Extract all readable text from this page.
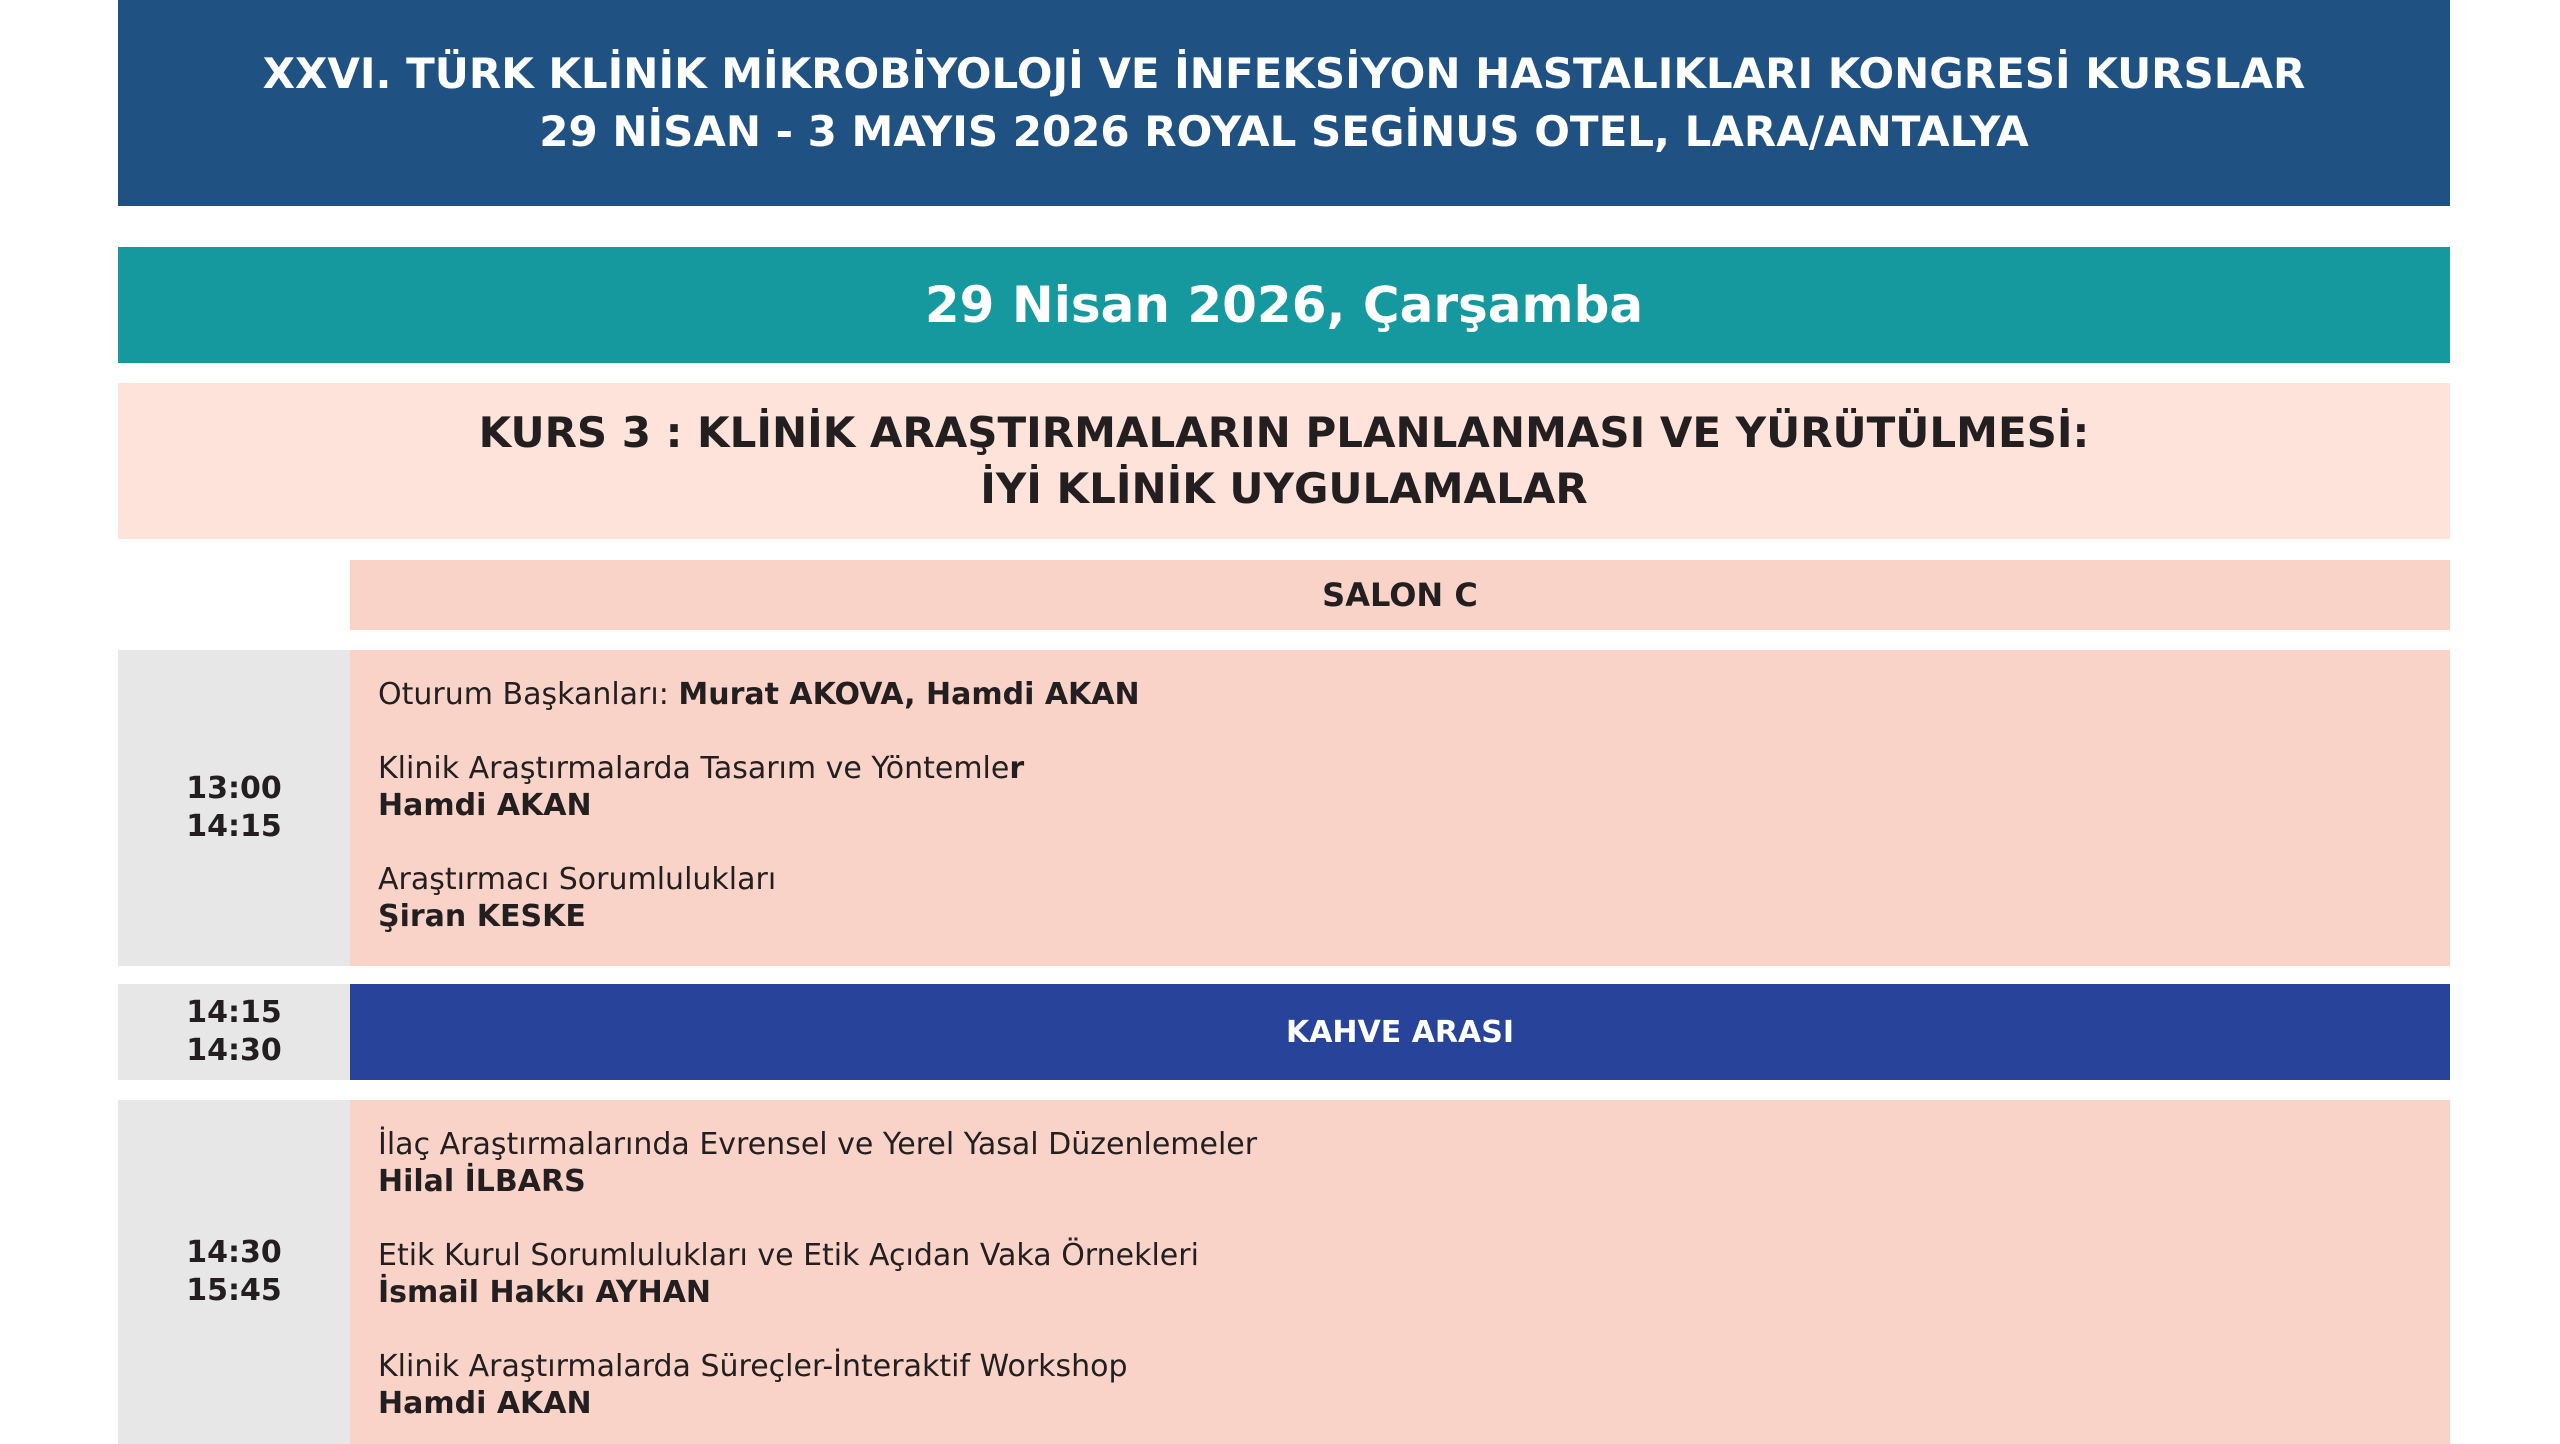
XXVI. TÜRK KLİNİK MİKROBİYOLOJİ VE İNFEKSİYON HASTALIKLARI KONGRESİ KURSLAR
29 NİSAN - 3 MAYIS 2026 ROYAL SEGİNUS OTEL, LARA/ANTALYA
29 Nisan 2026, Çarşamba
KURS 3 : KLİNİK ARAŞTIRMALARIN PLANLANMASI VE YÜRÜTÜLMESİ:
İYİ KLİNİK UYGULAMALAR
SALON C
13:00
14:15
Oturum Başkanları: Murat AKOVA, Hamdi AKAN
Klinik Araştırmalarda Tasarım ve Yöntemler
Hamdi AKAN
Araştırmacı Sorumlulukları
Şiran KESKE
14:15
14:30
KAHVE ARASI
14:30
15:45
İlaç Araştırmalarında Evrensel ve Yerel Yasal Düzenlemeler
Hilal İLBARS
Etik Kurul Sorumlulukları ve Etik Açıdan Vaka Örnekleri
İsmail Hakkı AYHAN
Klinik Araştırmalarda Süreçler-İnteraktif Workshop
Hamdi AKAN
